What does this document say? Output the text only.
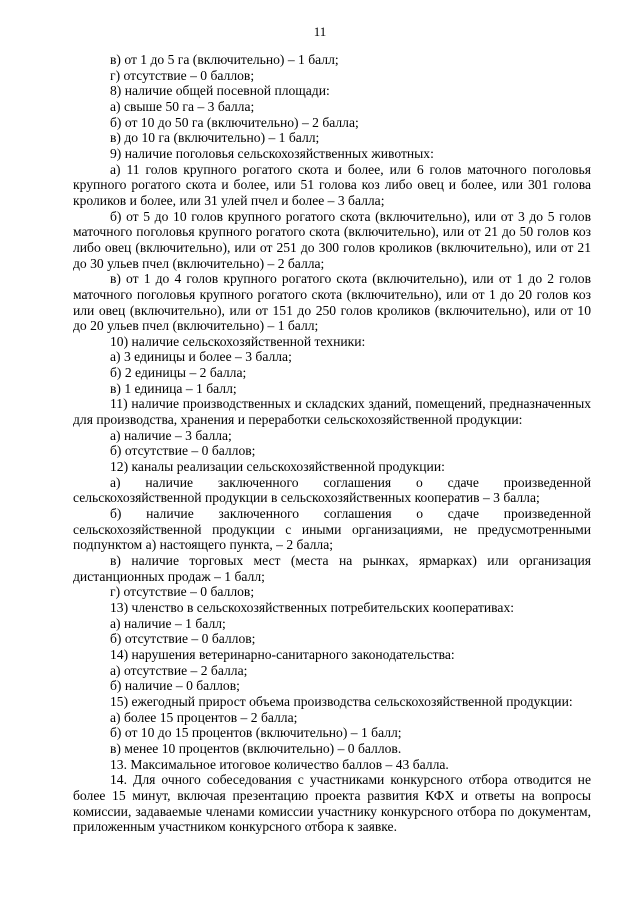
11

в) от 1 до 5 га (включительно) – 1 балл;

г) отсутствие – 0 баллов;

8) наличие общей посевной площади:

а) свыше 50 га – 3 балла;

б) от 10 до 50 га (включительно) – 2 балла;

в) до 10 га (включительно) – 1 балл;

9) наличие поголовья сельскохозяйственных животных:

а) 11 голов крупного рогатого скота и более, или 6 голов маточного поголовья крупного рогатого скота и более, или 51 голова коз либо овец и более, или 301 голова кроликов и более, или 31 улей пчел и более – 3 балла;

б) от 5 до 10 голов крупного рогатого скота (включительно), или от 3 до 5 голов маточного поголовья крупного рогатого скота (включительно), или от 21 до 50 голов коз либо овец (включительно), или от 251 до 300 голов кроликов (включительно), или от 21 до 30 ульев пчел (включительно) – 2 балла;

в) от 1 до 4 голов крупного рогатого скота (включительно), или от 1 до 2 голов маточного поголовья крупного рогатого скота (включительно), или от 1 до 20 голов коз или овец (включительно), или от 151 до 250 голов кроликов (включительно), или от 10 до 20 ульев пчел (включительно) – 1 балл;

10) наличие сельскохозяйственной техники:

а) 3 единицы и более – 3 балла;

б) 2 единицы – 2 балла;

в) 1 единица – 1 балл;

11) наличие производственных и складских зданий, помещений, предназначенных для производства, хранения и переработки сельскохозяйственной продукции:

а) наличие – 3 балла;

б) отсутствие – 0 баллов;

12) каналы реализации сельскохозяйственной продукции:

а) наличие заключенного соглашения о сдаче произведенной сельскохозяйственной продукции в сельскохозяйственных кооператив – 3 балла;

б) наличие заключенного соглашения о сдаче произведенной сельскохозяйственной продукции с иными организациями, не предусмотренными подпунктом а) настоящего пункта, – 2 балла;

в) наличие торговых мест (места на рынках, ярмарках) или организация дистанционных продаж – 1 балл;

г) отсутствие – 0 баллов;

13) членство в сельскохозяйственных потребительских кооперативах:

а) наличие – 1 балл;

б) отсутствие – 0 баллов;

14) нарушения ветеринарно-санитарного законодательства:

а) отсутствие – 2 балла;

б) наличие – 0 баллов;

15) ежегодный прирост объема производства сельскохозяйственной продукции:

а) более 15 процентов – 2 балла;

б) от 10 до 15 процентов (включительно) – 1 балл;

в) менее 10 процентов (включительно) – 0 баллов.

13. Максимальное итоговое количество баллов – 43 балла.

14. Для очного собеседования с участниками конкурсного отбора отводится не более 15 минут, включая презентацию проекта развития КФХ и ответы на вопросы комиссии, задаваемые членами комиссии участнику конкурсного отбора по документам, приложенным участником конкурсного отбора к заявке.
